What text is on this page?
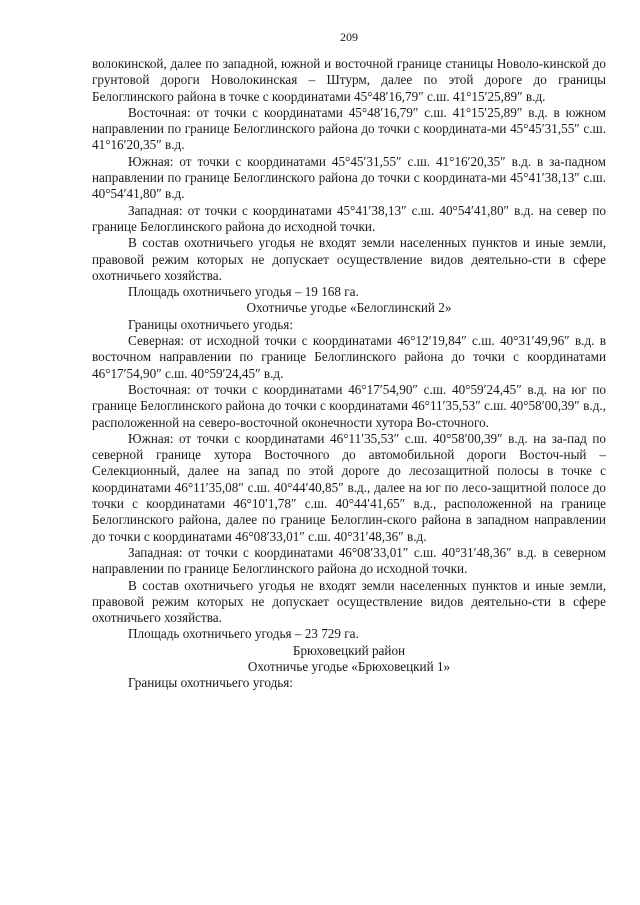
209

волокинской, далее по западной, южной и восточной границе станицы Новоло-кинской до грунтовой дороги Новолокинская – Штурм, далее по этой дороге до границы Белоглинского района в точке с координатами 45°48′16,79″ с.ш. 41°15′25,89″ в.д.

Восточная: от точки с координатами 45°48′16,79″ с.ш. 41°15′25,89″ в.д. в южном направлении по границе Белоглинского района до точки с координата-ми 45°45′31,55″ с.ш. 41°16′20,35″ в.д.

Южная: от точки с координатами 45°45′31,55″ с.ш. 41°16′20,35″ в.д. в за-падном направлении по границе Белоглинского района до точки с координата-ми 45°41′38,13″ с.ш. 40°54′41,80″ в.д.

Западная: от точки с координатами 45°41′38,13″ с.ш. 40°54′41,80″ в.д. на север по границе Белоглинского района до исходной точки.

В состав охотничьего угодья не входят земли населенных пунктов и иные земли, правовой режим которых не допускает осуществление видов деятельно-сти в сфере охотничьего хозяйства.

Площадь охотничьего угодья – 19 168 га.

Охотничье угодье «Белоглинский 2»

Границы охотничьего угодья:

Северная: от исходной точки с координатами 46°12′19,84″ с.ш. 40°31′49,96″ в.д. в восточном направлении по границе Белоглинского района до точки с координатами 46°17′54,90″ с.ш. 40°59′24,45″ в.д.

Восточная: от точки с координатами 46°17′54,90″ с.ш. 40°59′24,45″ в.д. на юг по границе Белоглинского района до точки с координатами 46°11′35,53″ с.ш. 40°58′00,39″ в.д., расположенной на северо-восточной оконечности хутора Во-сточного.

Южная: от точки с координатами 46°11′35,53″ с.ш. 40°58′00,39″ в.д. на за-пад по северной границе хутора Восточного до автомобильной дороги Восточ-ный – Селекционный, далее на запад по этой дороге до лесозащитной полосы в точке с координатами 46°11′35,08″ с.ш. 40°44′40,85″ в.д., далее на юг по лесо-защитной полосе до точки с координатами 46°10′1,78″ с.ш. 40°44′41,65″ в.д., расположенной на границе Белоглинского района, далее по границе Белоглин-ского района в западном направлении до точки с координатами 46°08′33,01″ с.ш. 40°31′48,36″ в.д.

Западная: от точки с координатами 46°08′33,01″ с.ш. 40°31′48,36″ в.д. в северном направлении по границе Белоглинского района до исходной точки.

В состав охотничьего угодья не входят земли населенных пунктов и иные земли, правовой режим которых не допускает осуществление видов деятельно-сти в сфере охотничьего хозяйства.

Площадь охотничьего угодья – 23 729 га.

Брюховецкий район

Охотничье угодье «Брюховецкий 1»

Границы охотничьего угодья:
